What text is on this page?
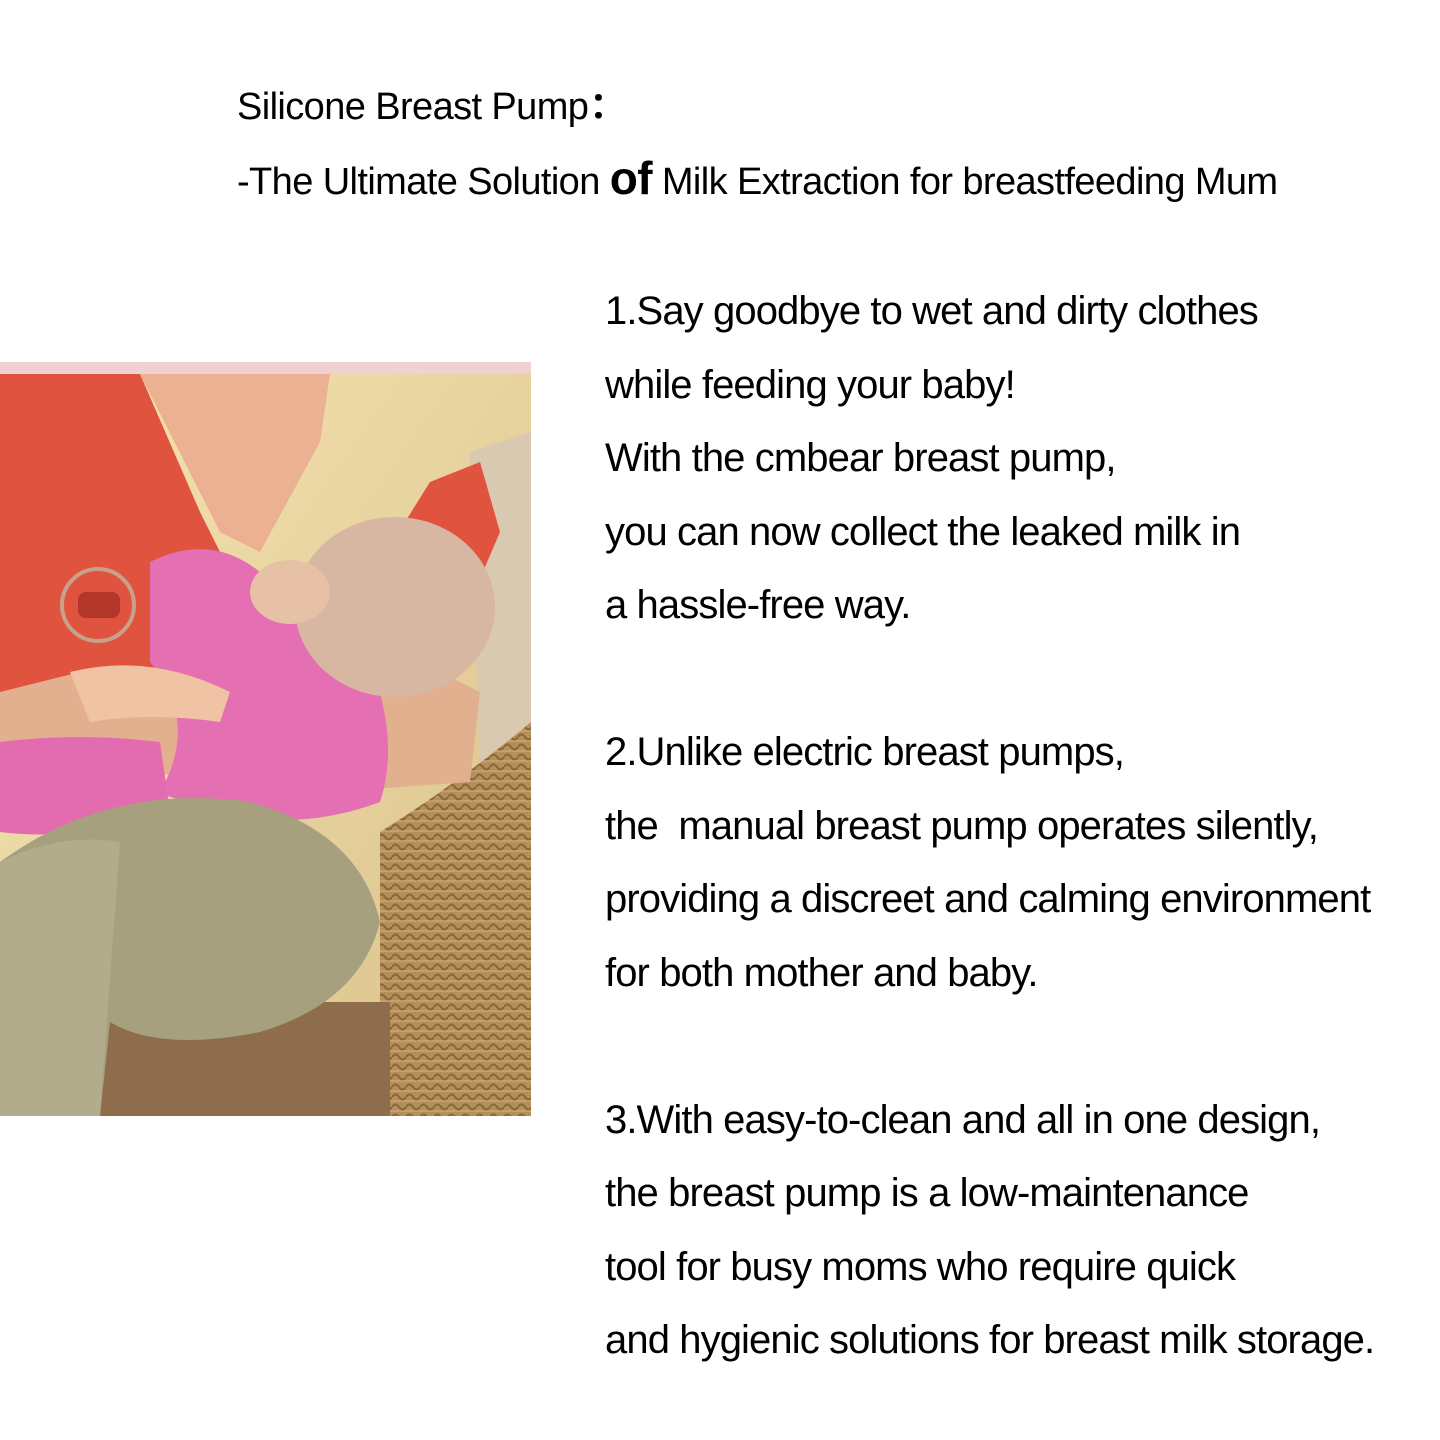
Silicone Breast Pump：
-The Ultimate Solution of Milk Extraction for breastfeeding Mum
1.Say goodbye to wet and dirty clothes
while feeding your baby!
With the cmbear breast pump,
you can now collect the leaked milk in
a hassle-free way.
2.Unlike electric breast pumps,
the  manual breast pump operates silently,
providing a discreet and calming environment
for both mother and baby.
3.With easy-to-clean and all in one design,
the breast pump is a low-maintenance
tool for busy moms who require quick
and hygienic solutions for breast milk storage.
